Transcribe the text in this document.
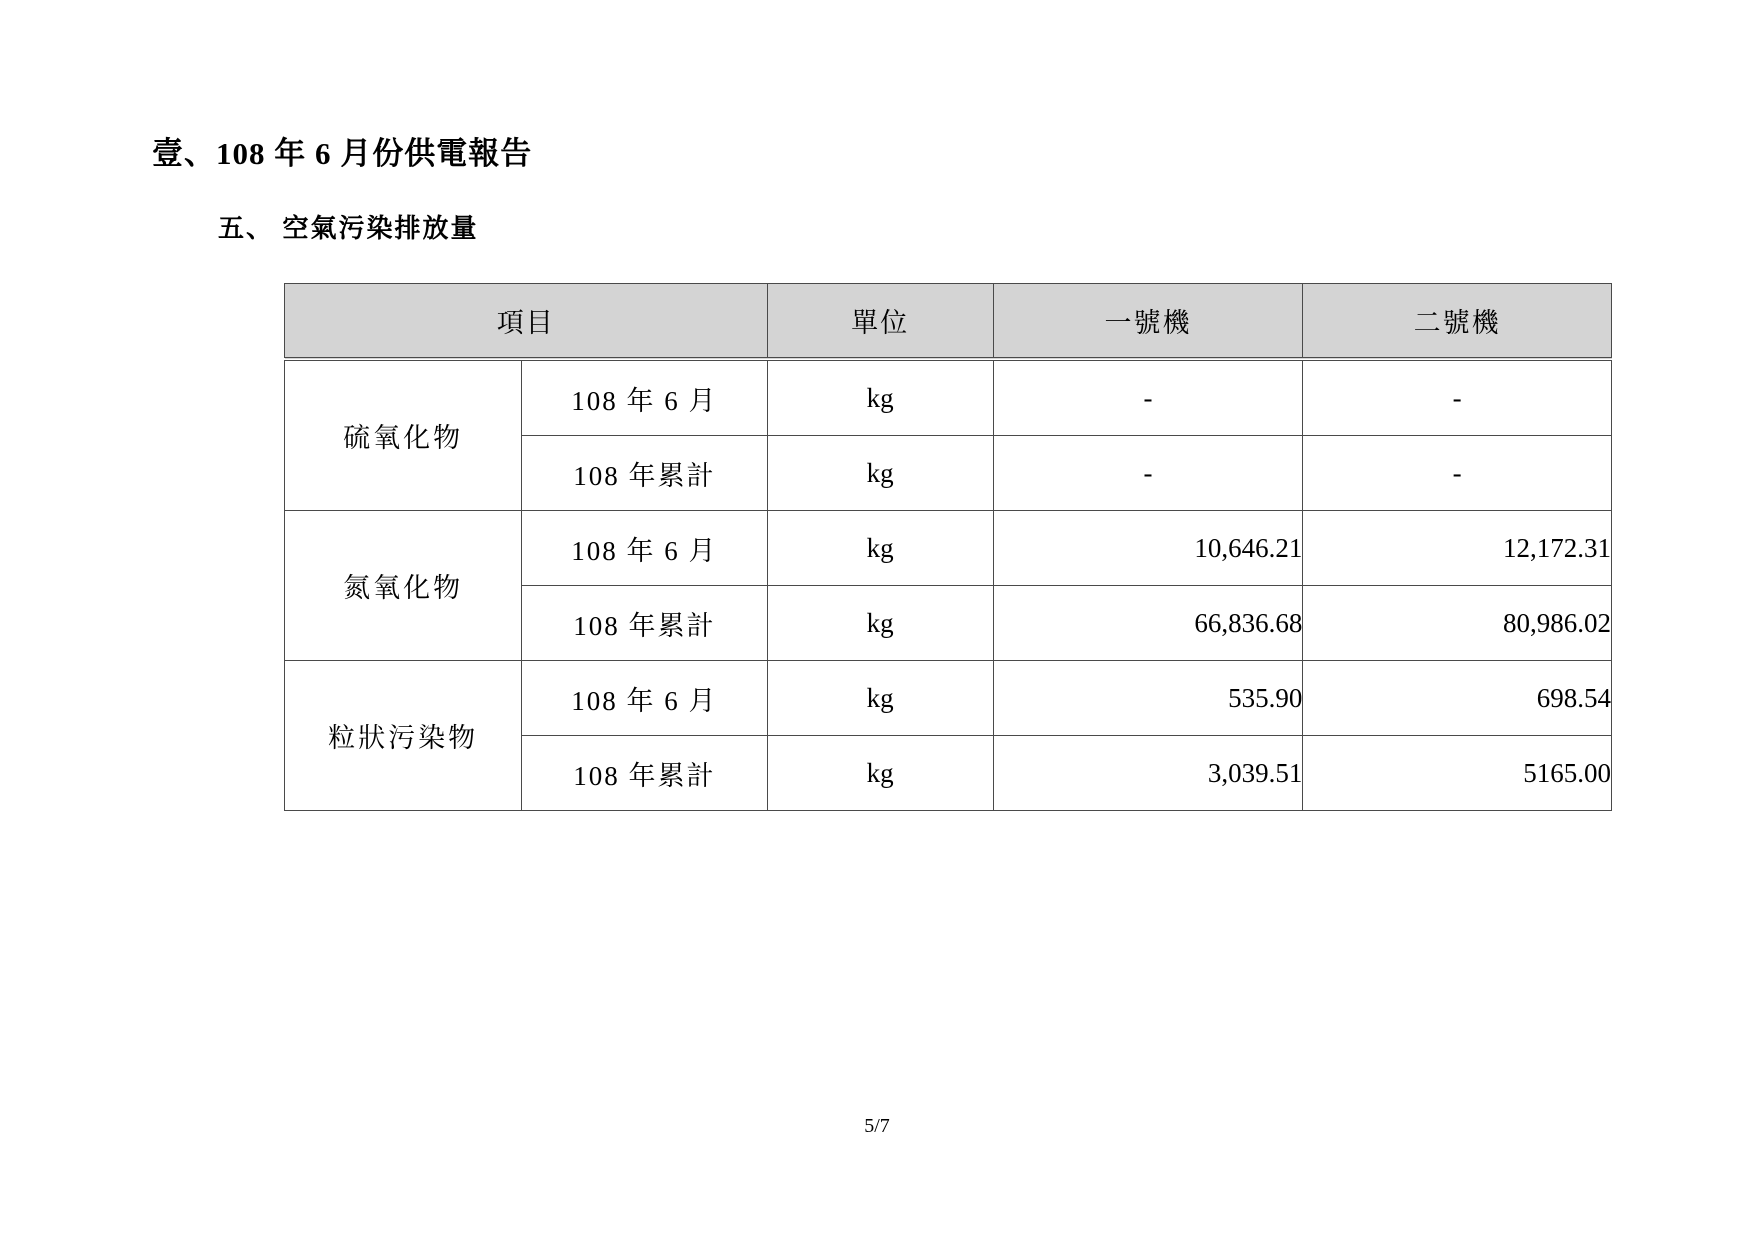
壹、108 年 6 月份供電報告
五、 空氣污染排放量
項目		單位	一號機	二號機
硫氧化物	108 年 6 月	kg	-	-
	108 年累計	kg	-	-
氮氧化物	108 年 6 月	kg	10,646.21	12,172.31
	108 年累計	kg	66,836.68	80,986.02
粒狀污染物	108 年 6 月	kg	535.90	698.54
	108 年累計	kg	3,039.51	5165.00
5/7
